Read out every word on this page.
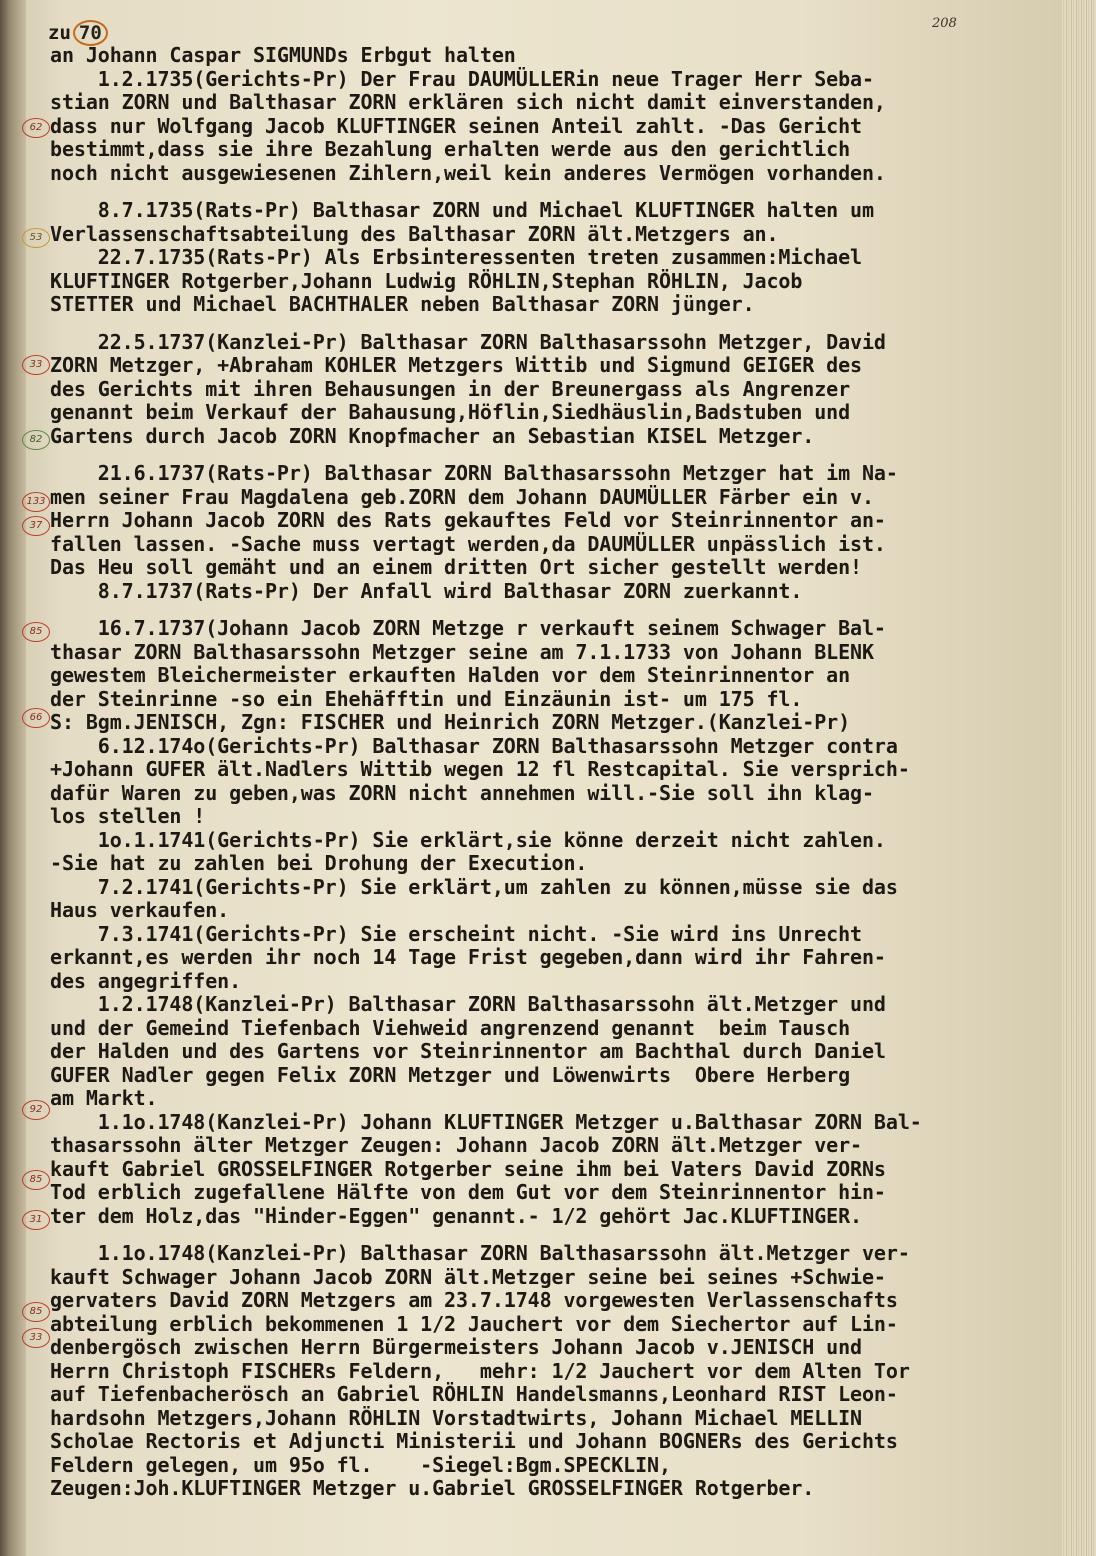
zu 70	208
an Johann Caspar SIGMUNDs Erbgut halten
1.2.1735(Gerichts-Pr) Der Frau DAUMÜLLERin neue Trager Herr Seba-
stian ZORN und Balthasar ZORN erklären sich nicht damit einverstanden,
dass nur Wolfgang Jacob KLUFTINGER seinen Anteil zahlt. -Das Gericht
bestimmt,dass sie ihre Bezahlung erhalten werde aus den gerichtlich
noch nicht ausgewiesenen Zihlern,weil kein anderes Vermögen vorhanden.
8.7.1735(Rats-Pr) Balthasar ZORN und Michael KLUFTINGER halten um
Verlassenschaftsabteilung des Balthasar ZORN ält.Metzgers an.
22.7.1735(Rats-Pr) Als Erbsinteressenten treten zusammen:Michael
KLUFTINGER Rotgerber,Johann Ludwig RÖHLIN,Stephan RÖHLIN, Jacob
STETTER und Michael BACHTHALER neben Balthasar ZORN jünger.
22.5.1737(Kanzlei-Pr) Balthasar ZORN Balthasarssohn Metzger, David
ZORN Metzger, +Abraham KOHLER Metzgers Wittib und Sigmund GEIGER des
des Gerichts mit ihren Behausungen in der Breunergass als Angrenzer
genannt beim Verkauf der Bahausung,Höflin,Siedhäuslin,Badstuben und
Gartens durch Jacob ZORN Knopfmacher an Sebastian KISEL Metzger.
21.6.1737(Rats-Pr) Balthasar ZORN Balthasarssohn Metzger hat im Na-
men seiner Frau Magdalena geb.ZORN dem Johann DAUMÜLLER Färber ein v.
Herrn Johann Jacob ZORN des Rats gekauftes Feld vor Steinrinnentor an-
fallen lassen. -Sache muss vertagt werden,da DAUMÜLLER unpässlich ist.
Das Heu soll gemäht und an einem dritten Ort sicher gestellt werden!
8.7.1737(Rats-Pr) Der Anfall wird Balthasar ZORN zuerkannt.
16.7.1737(Johann Jacob ZORN Metzge r verkauft seinem Schwager Bal-
thasar ZORN Balthasarssohn Metzger seine am 7.1.1733 von Johann BLENK
gewestem Bleichermeister erkauften Halden vor dem Steinrinnentor an
der Steinrinne -so ein Ehehäfftin und Einzäunin ist- um 175 fl.
S: Bgm.JENISCH, Zgn: FISCHER und Heinrich ZORN Metzger.(Kanzlei-Pr)
6.12.174o(Gerichts-Pr) Balthasar ZORN Balthasarssohn Metzger contra
+Johann GUFER ält.Nadlers Wittib wegen 12 fl Restcapital. Sie versprich-
dafür Waren zu geben,was ZORN nicht annehmen will.-Sie soll ihn klag-
los stellen !
1o.1.1741(Gerichts-Pr) Sie erklärt,sie könne derzeit nicht zahlen.
-Sie hat zu zahlen bei Drohung der Execution.
7.2.1741(Gerichts-Pr) Sie erklärt,um zahlen zu können,müsse sie das
Haus verkaufen.
7.3.1741(Gerichts-Pr) Sie erscheint nicht. -Sie wird ins Unrecht
erkannt,es werden ihr noch 14 Tage Frist gegeben,dann wird ihr Fahren-
des angegriffen.
1.2.1748(Kanzlei-Pr) Balthasar ZORN Balthasarssohn ält.Metzger und
und der Gemeind Tiefenbach Viehweid angrenzend genannt  beim Tausch
der Halden und des Gartens vor Steinrinnentor am Bachthal durch Daniel
GUFER Nadler gegen Felix ZORN Metzger und Löwenwirts  Obere Herberg
am Markt.
1.1o.1748(Kanzlei-Pr) Johann KLUFTINGER Metzger u.Balthasar ZORN Bal-
thasarssohn älter Metzger Zeugen: Johann Jacob ZORN ält.Metzger ver-
kauft Gabriel GROSSELFINGER Rotgerber seine ihm bei Vaters David ZORNs
Tod erblich zugefallene Hälfte von dem Gut vor dem Steinrinnentor hin-
ter dem Holz,das "Hinder-Eggen" genannt.- 1/2 gehört Jac.KLUFTINGER.
1.1o.1748(Kanzlei-Pr) Balthasar ZORN Balthasarssohn ält.Metzger ver-
kauft Schwager Johann Jacob ZORN ält.Metzger seine bei seines +Schwie-
gervaters David ZORN Metzgers am 23.7.1748 vorgewesten Verlassenschafts
abteilung erblich bekommenen 1 1/2 Jauchert vor dem Siechertor auf Lin-
denbergösch zwischen Herrn Bürgermeisters Johann Jacob v.JENISCH und
Herrn Christoph FISCHERs Feldern,   mehr: 1/2 Jauchert vor dem Alten Tor
auf Tiefenbacherösch an Gabriel RÖHLIN Handelsmanns,Leonhard RIST Leon-
hardsohn Metzgers,Johann RÖHLIN Vorstadtwirts, Johann Michael MELLIN
Scholae Rectoris et Adjuncti Ministerii und Johann BOGNERs des Gerichts
Feldern gelegen, um 95o fl.    -Siegel:Bgm.SPECKLIN,
Zeugen:Joh.KLUFTINGER Metzger u.Gabriel GROSSELFINGER Rotgerber.
62
53
33
82
133
37
85
66
92
85
31
85
33
